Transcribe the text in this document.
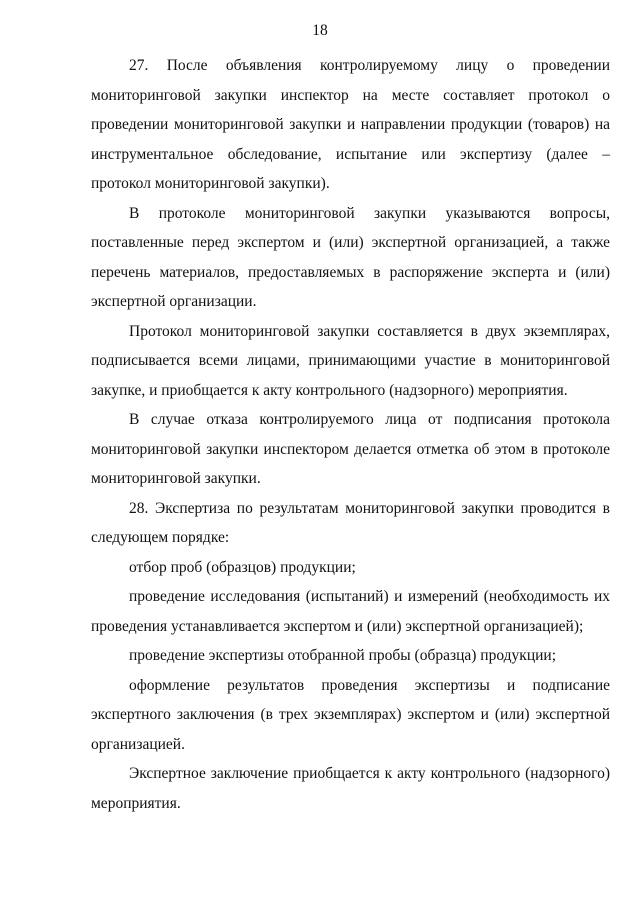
18

27. После объявления контролируемому лицу о проведении мониторинговой закупки инспектор на месте составляет протокол о проведении мониторинговой закупки и направлении продукции (товаров) на инструментальное обследование, испытание или экспертизу (далее – протокол мониторинговой закупки).

В протоколе мониторинговой закупки указываются вопросы, поставленные перед экспертом и (или) экспертной организацией, а также перечень материалов, предоставляемых в распоряжение эксперта и (или) экспертной организации.

Протокол мониторинговой закупки составляется в двух экземплярах, подписывается всеми лицами, принимающими участие в мониторинговой закупке, и приобщается к акту контрольного (надзорного) мероприятия.

В случае отказа контролируемого лица от подписания протокола мониторинговой закупки инспектором делается отметка об этом в протоколе мониторинговой закупки.

28. Экспертиза по результатам мониторинговой закупки проводится в следующем порядке:

отбор проб (образцов) продукции;

проведение исследования (испытаний) и измерений (необходимость их проведения устанавливается экспертом и (или) экспертной организацией);

проведение экспертизы отобранной пробы (образца) продукции;

оформление результатов проведения экспертизы и подписание экспертного заключения (в трех экземплярах) экспертом и (или) экспертной организацией.

Экспертное заключение приобщается к акту контрольного (надзорного) мероприятия.
